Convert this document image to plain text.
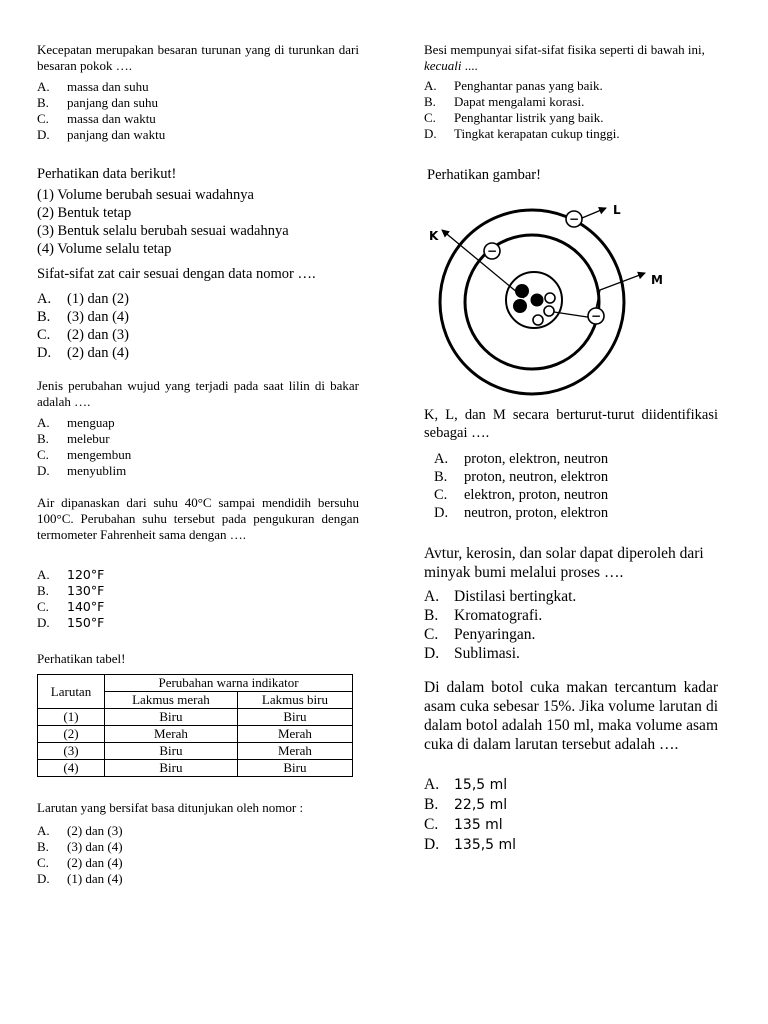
Kecepatan merupakan besaran turunan yang di turunkan dari besaran pokok ….
A. massa dan suhu
B. panjang dan suhu
C. massa dan waktu
D. panjang dan waktu
Perhatikan data berikut!
(1) Volume berubah sesuai wadahnya
(2) Bentuk tetap
(3) Bentuk selalu berubah sesuai wadahnya
(4) Volume selalu tetap
Sifat-sifat zat cair sesuai dengan data nomor ….
A. (1) dan (2)
B. (3) dan (4)
C. (2) dan (3)
D. (2) dan (4)
Jenis perubahan wujud yang terjadi pada saat lilin di bakar adalah ….
A. menguap
B. melebur
C. mengembun
D. menyublim
Air dipanaskan dari suhu 40°C sampai mendidih bersuhu 100°C. Perubahan suhu tersebut pada pengukuran dengan termometer Fahrenheit sama dengan ….
A. 120°F
B. 130°F
C. 140°F
D. 150°F
Perhatikan tabel!
Larutan	Perubahan warna indikator	
	Lakmus merah	Lakmus biru
(1)	Biru	Biru
(2)	Merah	Merah
(3)	Biru	Merah
(4)	Biru	Biru
Larutan yang bersifat basa ditunjukan oleh nomor :
A. (2) dan (3)
B. (3) dan (4)
C. (2) dan (4)
D. (1) dan (4)
Besi mempunyai sifat-sifat fisika seperti di bawah ini, kecuali ....
A. Penghantar panas yang baik.
B. Dapat mengalami korasi.
C. Penghantar listrik yang baik.
D. Tingkat kerapatan cukup tinggi.
Perhatikan gambar!
−
−
−
K
L
M
K, L, dan M secara berturut-turut diidentifikasi sebagai ….
A. proton, elektron, neutron
B. proton, neutron, elektron
C. elektron, proton, neutron
D. neutron, proton, elektron
Avtur, kerosin, dan solar dapat diperoleh dari minyak bumi melalui proses ….
A. Distilasi bertingkat.
B. Kromatografi.
C. Penyaringan.
D. Sublimasi.
Di dalam botol cuka makan tercantum kadar asam cuka sebesar 15%. Jika volume larutan di dalam botol adalah 150 ml, maka volume asam cuka di dalam larutan tersebut adalah ….
A. 15,5 ml
B. 22,5 ml
C. 135 ml
D. 135,5 ml
